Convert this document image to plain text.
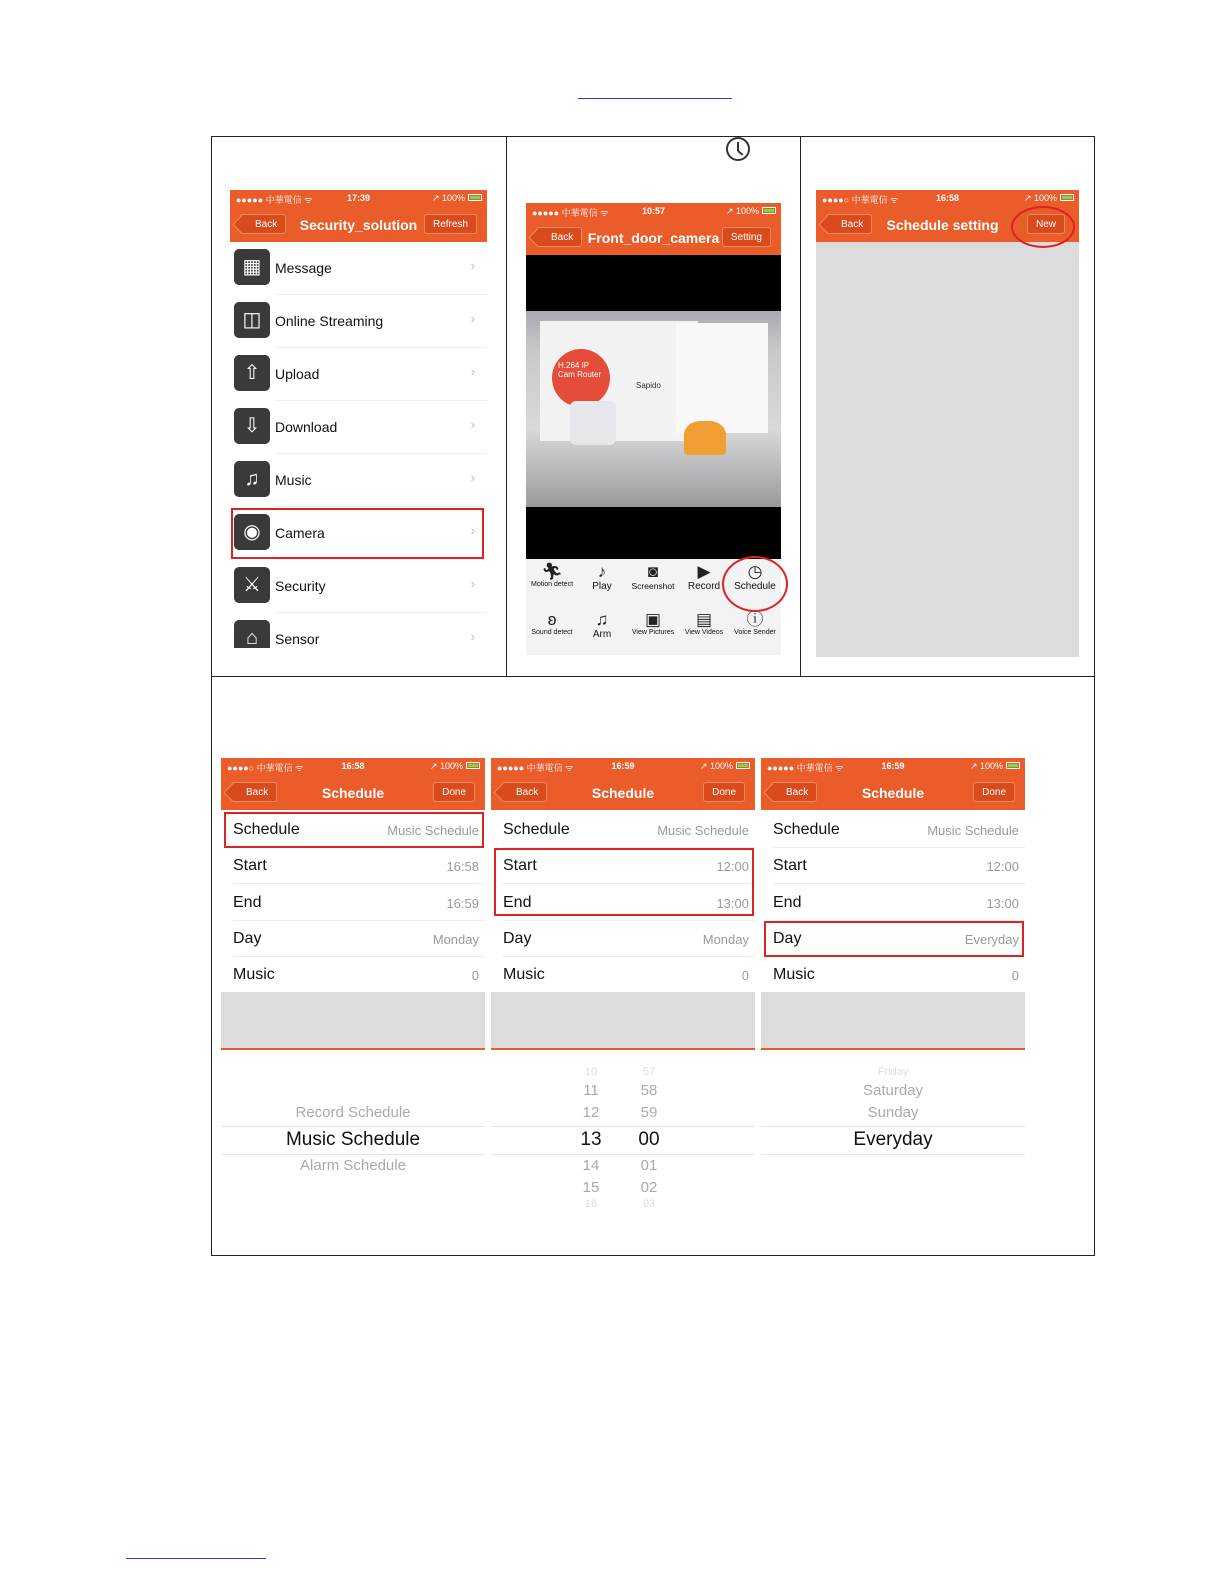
●●●●● 中華電信 ᯤ	17:39	↗ 100%
Back	Security_solution	Refresh
▦ Message	›
◫ Online Streaming	›
⇧	Upload	›
⇩	Download	›
♫	Music	›
◉	Camera	›
⚔	Security	›
⌂	Sensor	›
●●●●● 中華電信 ᯤ	10:57	↗ 100%
Back	Front_door_camera	Setting
H.264 IP Cam Router
Sapido
🏃︎
Motion detect
♪
Play
◙
Screenshot
▶
Record
◷
Schedule
ʚ
Sound detect
♫
Arm
▣
View Pictures
▤
View Videos
ⓘ
Voice Sender
●●●●○ 中華電信 ᯤ	16:58	↗ 100%
Back	Schedule setting	New
●●●●○ 中華電信 ᯤ	16:58	↗ 100%
Back	Schedule	Done
Schedule	Music Schedule
Start	16:58
End	16:59
Day	Monday
Music	0
Record Schedule
Music Schedule
Alarm Schedule
●●●●● 中華電信 ᯤ	16:59	↗ 100%
Back	Schedule	Done
Schedule	Music Schedule
Start	12:00
End	13:00
Day	Monday
Music	0
10
11
12
13
14
15
16
57
58
59
00
01
02
03
●●●●● 中華電信 ᯤ	16:59	↗ 100%
Back	Schedule	Done
Schedule	Music Schedule
Start	12:00
End	13:00
Day	Everyday
Music	0
Friday
Saturday
Sunday
Everyday
